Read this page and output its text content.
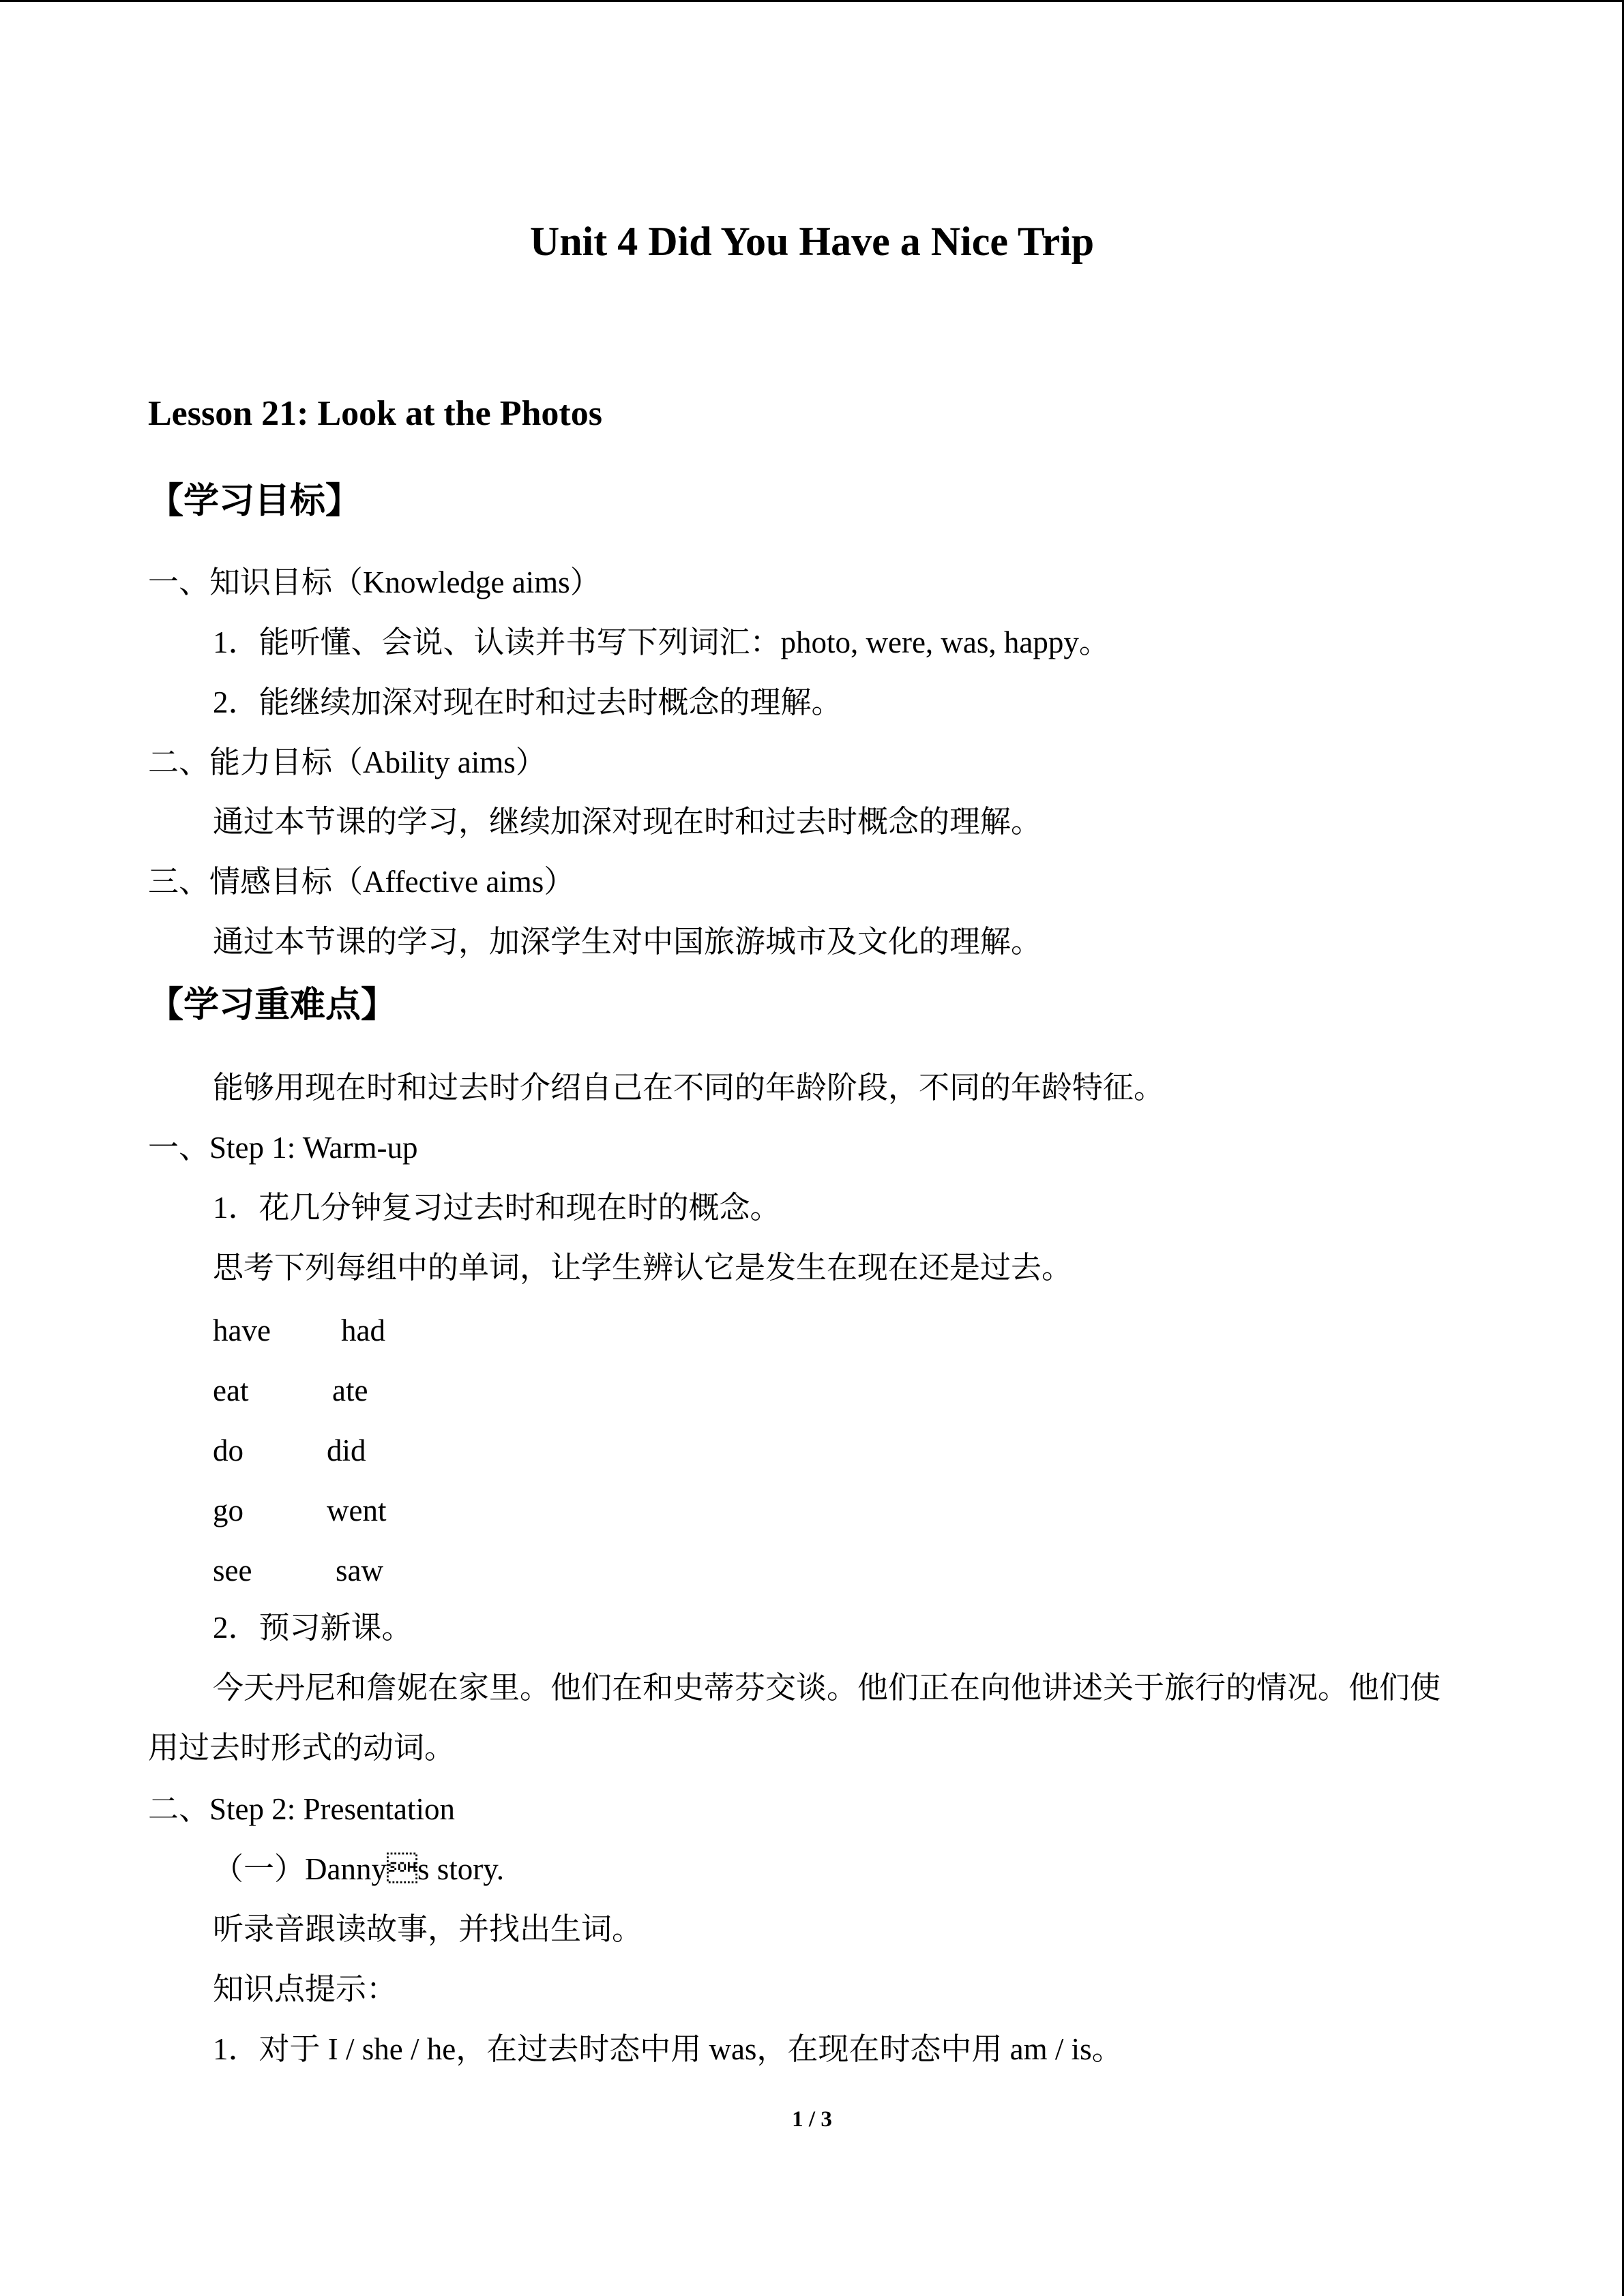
Unit 4 Did You Have a Nice Trip
Lesson 21: Look at the Photos
【学习目标】
一、知识目标（Knowledge aims）
1．能听懂、会说、认读并书写下列词汇：photo, were, was, happy。
2．能继续加深对现在时和过去时概念的理解。
二、能力目标（Ability aims）
通过本节课的学习，继续加深对现在时和过去时概念的理解。
三、情感目标（Affective aims）
通过本节课的学习，加深学生对中国旅游城市及文化的理解。
【学习重难点】
能够用现在时和过去时介绍自己在不同的年龄阶段，不同的年龄特征。
一、Step 1: Warm-up
1．花几分钟复习过去时和现在时的概念。
思考下列每组中的单词，让学生辨认它是发生在现在还是过去。
have had
eat	ate
do	did
go	went
see	saw
2．预习新课。
今天丹尼和詹妮在家里。他们在和史蒂芬交谈。他们正在向他讲述关于旅行的情况。他们使用过去时形式的动词。
二、Step 2: Presentation
（一）Dannys story.
听录音跟读故事，并找出生词。
知识点提示：
1．对于 I / she / he，在过去时态中用 was，在现在时态中用 am / is。
1 / 3
